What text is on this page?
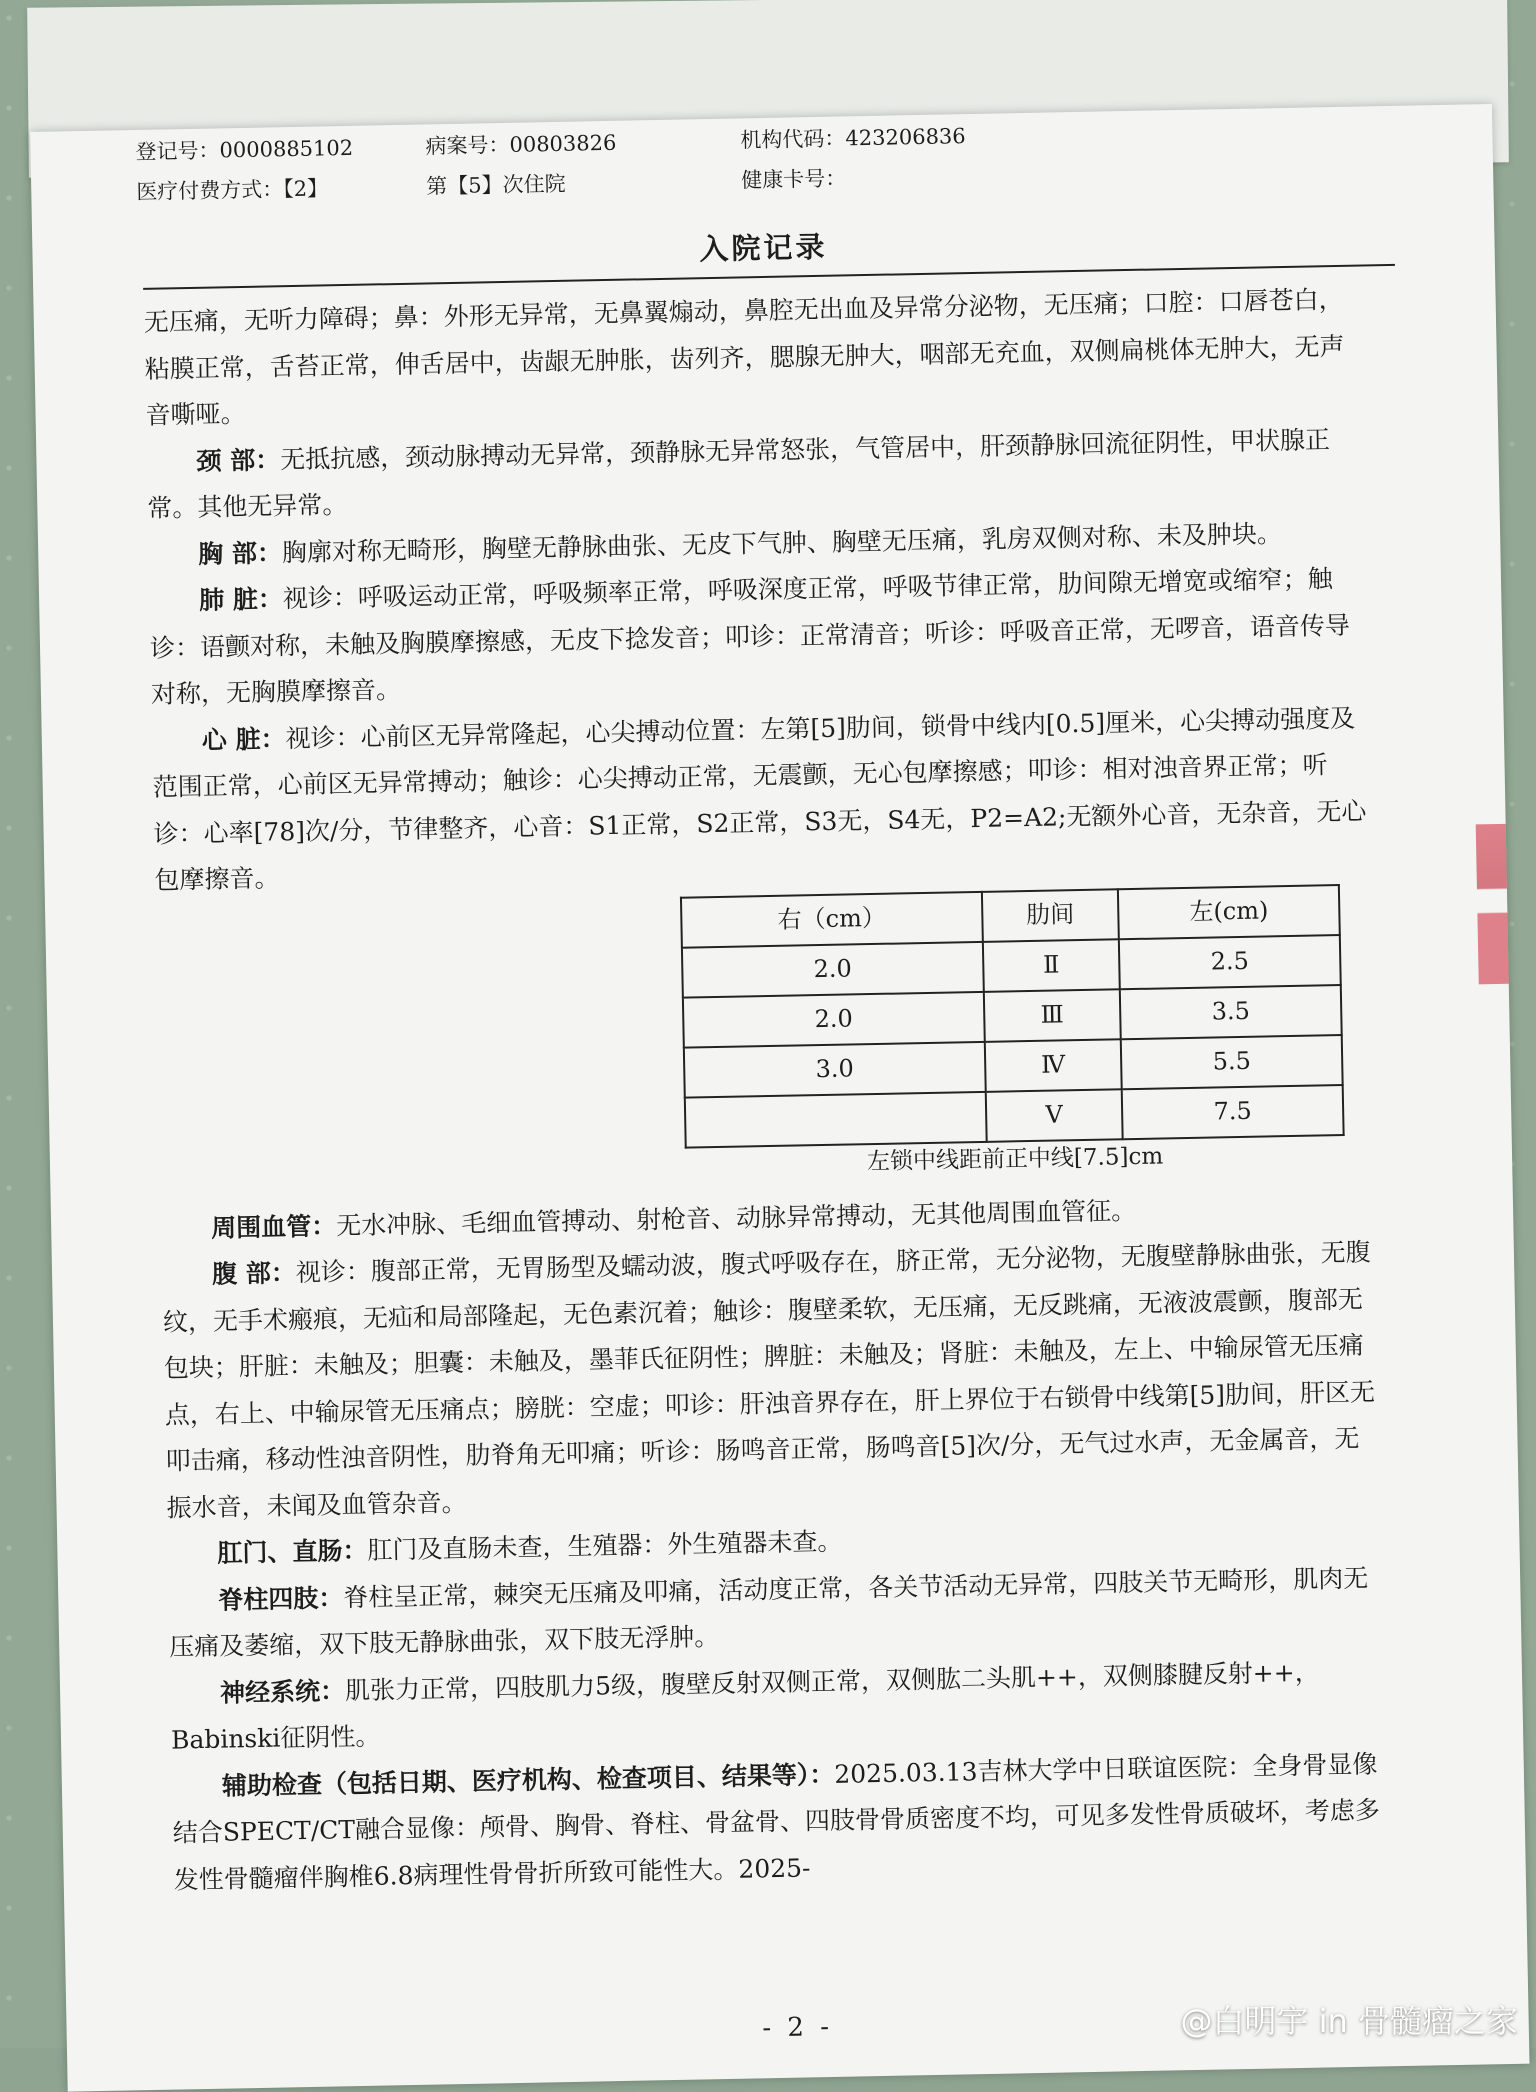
登记号：0000885102	病案号：00803826	机构代码：423206836
医疗付费方式：【2】	第【5】次住院	健康卡号：
入院记录

无压痛，无听力障碍；鼻：外形无异常，无鼻翼煽动，鼻腔无出血及异常分泌物，无压痛；口腔：口唇苍白，粘膜正常，舌苔正常，伸舌居中，齿龈无肿胀，齿列齐，腮腺无肿大，咽部无充血，双侧扁桃体无肿大，无声音嘶哑。

颈 部：无抵抗感，颈动脉搏动无异常，颈静脉无异常怒张，气管居中，肝颈静脉回流征阴性，甲状腺正常。其他无异常。

胸 部：胸廓对称无畸形，胸壁无静脉曲张、无皮下气肿、胸壁无压痛，乳房双侧对称、未及肿块。

肺 脏：视诊：呼吸运动正常，呼吸频率正常，呼吸深度正常，呼吸节律正常，肋间隙无增宽或缩窄；触诊：语颤对称，未触及胸膜摩擦感，无皮下捻发音；叩诊：正常清音；听诊：呼吸音正常，无啰音，语音传导对称，无胸膜摩擦音。

心 脏：视诊：心前区无异常隆起，心尖搏动位置：左第[5]肋间，锁骨中线内[0.5]厘米，心尖搏动强度及范围正常，心前区无异常搏动；触诊：心尖搏动正常，无震颤，无心包摩擦感；叩诊：相对浊音界正常；听诊：心率[78]次/分，节律整齐，心音：S1正常，S2正常，S3无，S4无，P2=A2;无额外心音，无杂音，无心包摩擦音。

右（cm）	肋间	左(cm)
2.0	Ⅱ	2.5
2.0	Ⅲ	3.5
3.0	Ⅳ	5.5
	Ⅴ	7.5
左锁中线距前正中线[7.5]cm

周围血管：无水冲脉、毛细血管搏动、射枪音、动脉异常搏动，无其他周围血管征。

腹 部：视诊：腹部正常，无胃肠型及蠕动波，腹式呼吸存在，脐正常，无分泌物，无腹壁静脉曲张，无腹纹，无手术瘢痕，无疝和局部隆起，无色素沉着；触诊：腹壁柔软，无压痛，无反跳痛，无液波震颤，腹部无包块；肝脏：未触及；胆囊：未触及，墨菲氏征阴性；脾脏：未触及；肾脏：未触及，左上、中输尿管无压痛点，右上、中输尿管无压痛点；膀胱：空虚；叩诊：肝浊音界存在，肝上界位于右锁骨中线第[5]肋间，肝区无叩击痛，移动性浊音阴性，肋脊角无叩痛；听诊：肠鸣音正常，肠鸣音[5]次/分，无气过水声，无金属音，无振水音，未闻及血管杂音。

肛门、直肠：肛门及直肠未查，生殖器：外生殖器未查。

脊柱四肢：脊柱呈正常，棘突无压痛及叩痛，活动度正常，各关节活动无异常，四肢关节无畸形，肌肉无压痛及萎缩，双下肢无静脉曲张，双下肢无浮肿。

神经系统：肌张力正常，四肢肌力5级，腹壁反射双侧正常，双侧肱二头肌++，双侧膝腱反射++，Babinski征阴性。

辅助检查（包括日期、医疗机构、检查项目、结果等）：2025.03.13吉林大学中日联谊医院：全身骨显像结合SPECT/CT融合显像：颅骨、胸骨、脊柱、骨盆骨、四肢骨骨质密度不均，可见多发性骨质破坏，考虑多发性骨髓瘤伴胸椎6.8病理性骨骨折所致可能性大。2025-

- 2 -	@白明宇 in 骨髓瘤之家
